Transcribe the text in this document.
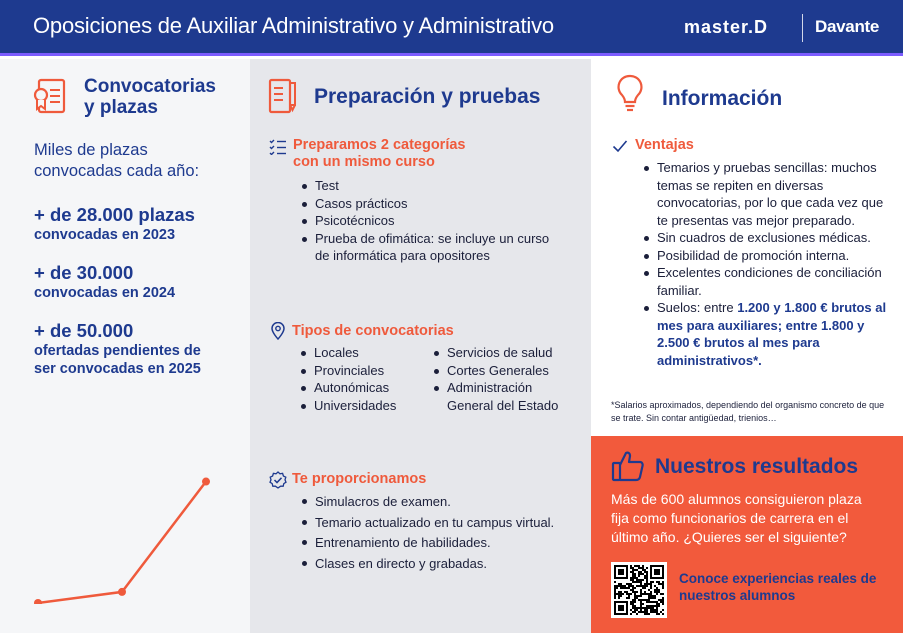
Oposiciones de Auxiliar Administrativo y Administrativo	master.D	Davante
Convocatorias
y plazas
Miles de plazas
convocadas cada año:
+ de 28.000 plazas
convocadas en 2023
+ de 30.000
convocadas en 2024
+ de 50.000
ofertadas pendientes de
ser convocadas en 2025
Preparación y pruebas
Preparamos 2 categorías
con un mismo curso
Test
Casos prácticos
Psicotécnicos
Prueba de ofimática: se incluye un curso
de informática para opositores
Tipos de convocatorias
Locales
Provinciales
Autonómicas
Universidades
Servicios de salud
Cortes Generales
Administración
General del Estado
Te proporcionamos
Simulacros de examen.
Temario actualizado en tu campus virtual.
Entrenamiento de habilidades.
Clases en directo y grabadas.
Información
Ventajas
Temarios y pruebas sencillas: muchos temas se repiten en diversas convocatorias, por lo que cada vez que te presentas vas mejor preparado.
Sin cuadros de exclusiones médicas.
Posibilidad de promoción interna.
Excelentes condiciones de conciliación familiar.
Suelos: entre 1.200 y 1.800 € brutos al mes para auxiliares; entre 1.800 y 2.500 € brutos al mes para administrativos*.
*Salarios aproximados, dependiendo del organismo concreto de que se trate. Sin contar antigüedad, trienios…
Nuestros resultados
Más de 600 alumnos consiguieron plaza fija como funcionarios de carrera en el último año. ¿Quieres ser el siguiente?
Conoce experiencias reales de nuestros alumnos
